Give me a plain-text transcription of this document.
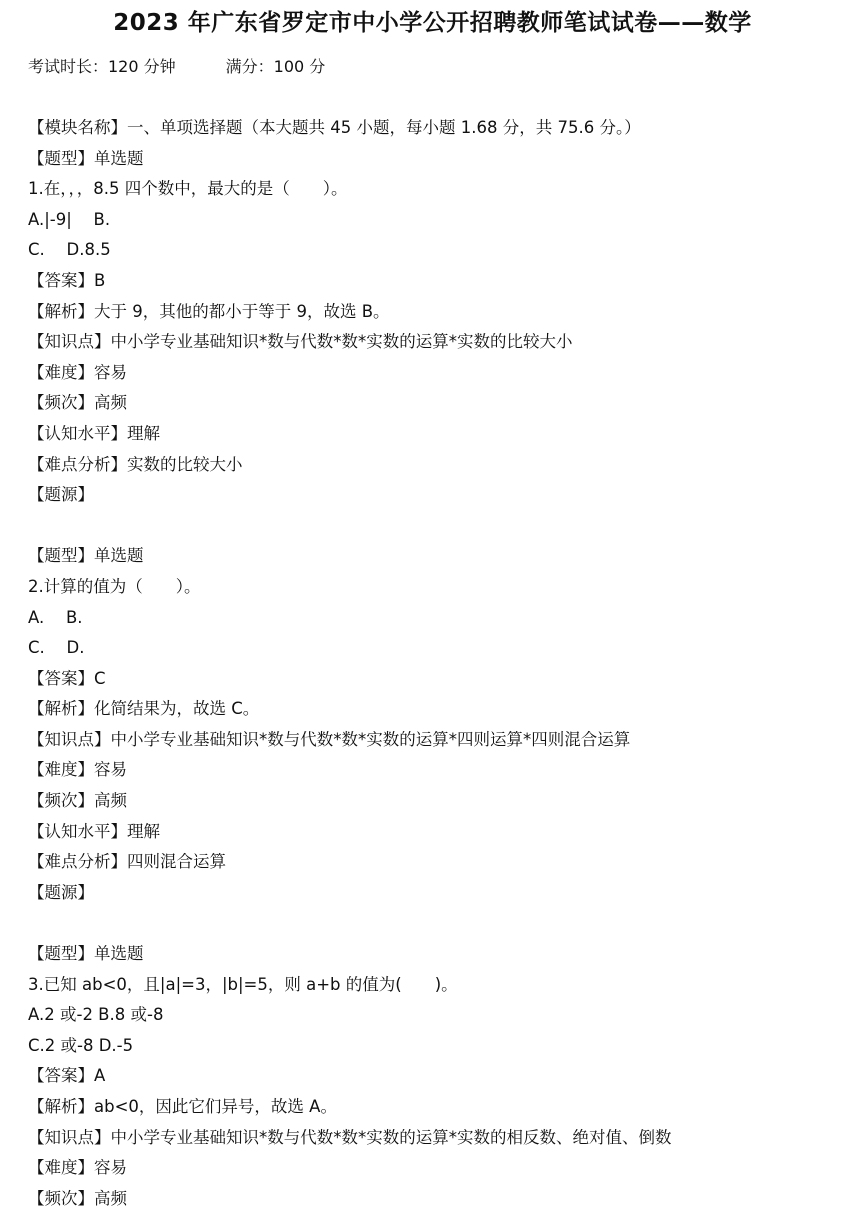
2023 年广东省罗定市中小学公开招聘教师笔试试卷——数学
考试时长：120 分钟	满分：100 分
【模块名称】一、单项选择题（本大题共 45 小题，每小题 1.68 分，共 75.6 分。）
【题型】单选题
1.在，，，8.5 四个数中，最大的是（　　）。
A.|-9|　 B.
C.　 D.8.5
【答案】B
【解析】大于 9，其他的都小于等于 9，故选 B。
【知识点】中小学专业基础知识*数与代数*数*实数的运算*实数的比较大小
【难度】容易
【频次】高频
【认知水平】理解
【难点分析】实数的比较大小
【题源】
【题型】单选题
2.计算的值为（　　）。
A.　 B.
C.　 D.
【答案】C
【解析】化简结果为，故选 C。
【知识点】中小学专业基础知识*数与代数*数*实数的运算*四则运算*四则混合运算
【难度】容易
【频次】高频
【认知水平】理解
【难点分析】四则混合运算
【题源】
【题型】单选题
3.已知 ab<0，且|a|=3，|b|=5，则 a+b 的值为(　　)。
A.2 或-2 B.8 或-8
C.2 或-8 D.-5
【答案】A
【解析】ab<0，因此它们异号，故选 A。
【知识点】中小学专业基础知识*数与代数*数*实数的运算*实数的相反数、绝对值、倒数
【难度】容易
【频次】高频
